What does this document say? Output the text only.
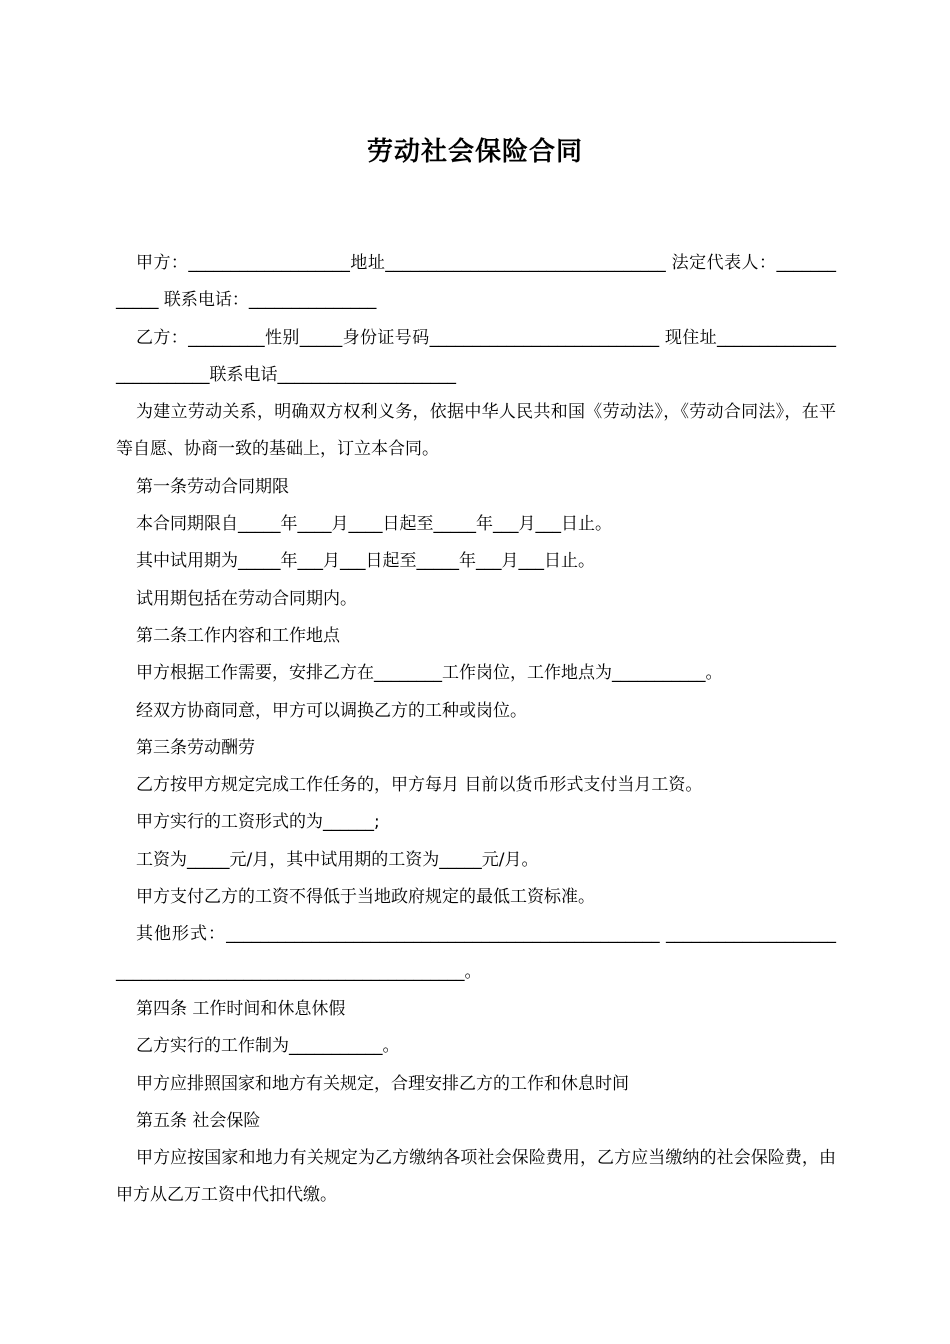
劳动社会保险合同

甲方：___________________地址_________________________________ 法定代表人：____________ 联系电话：_______________

乙方：_________性别_____身份证号码___________________________ 现住址_________________________联系电话_____________________

为建立劳动关系，明确双方权利义务，依据中华人民共和国《劳动法》，《劳动合同法》，在平等自愿、协商一致的基础上，订立本合同。

第一条劳动合同期限

本合同期限自_____年____月____日起至_____年___月___日止。

其中试用期为_____年___月___日起至_____年___月___日止。

试用期包括在劳动合同期内。

第二条工作内容和工作地点

甲方根据工作需要，安排乙方在________工作岗位，工作地点为___________。

经双方协商同意，甲方可以调换乙方的工种或岗位。

第三条劳动酬劳

乙方按甲方规定完成工作任务的，甲方每月 目前以货币形式支付当月工资。

甲方实行的工资形式的为______;

工资为_____元/月，其中试用期的工资为_____元/月。

甲方支付乙方的工资不得低于当地政府规定的最低工资标准。

其他形式：___________________________________________________ _____________________________________________________________。

第四条 工作时间和休息休假

乙方实行的工作制为___________。

甲方应排照国家和地方有关规定，合理安排乙方的工作和休息时间

第五条 社会保险

甲方应按国家和地力有关规定为乙方缴纳各项社会保险费用，乙方应当缴纳的社会保险费，由甲方从乙万工资中代扣代缴。
